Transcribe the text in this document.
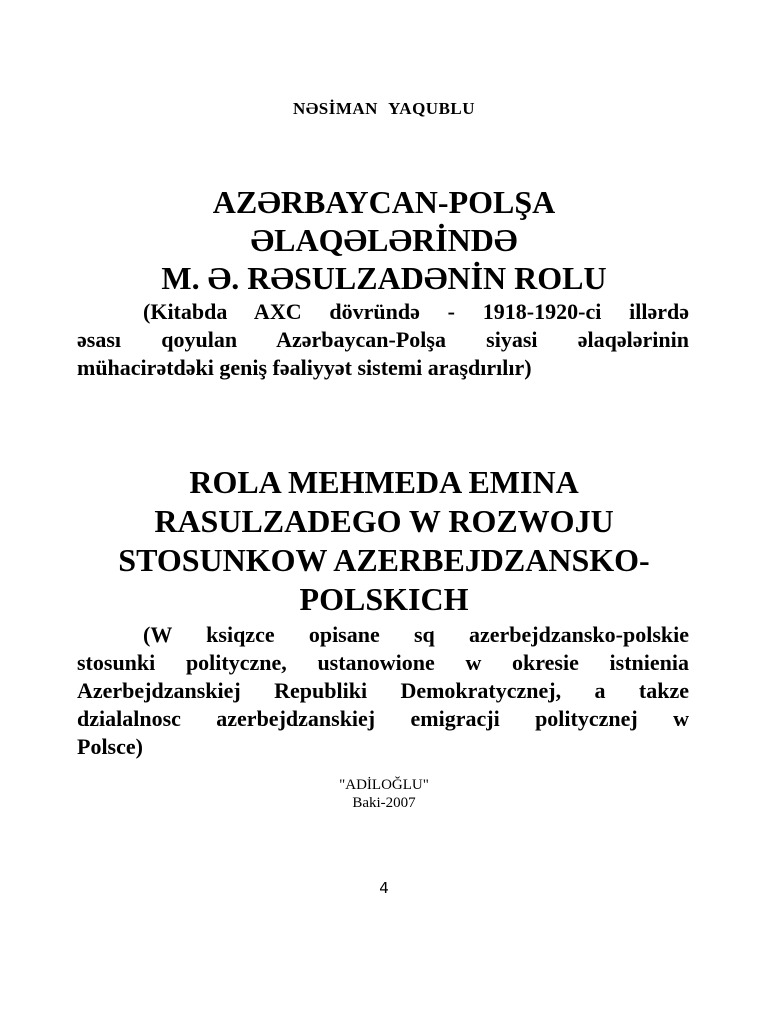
NƏSİMAN YAQUBLU
AZƏRBAYCAN-POLŞA
ƏLAQƏLƏRİNDƏ
M. Ə. RƏSULZADƏNİN ROLU
(Kitabda AXC dövründə - 1918-1920-ci illərdə
əsası qoyulan Azərbaycan-Polşa siyasi əlaqələrinin
mühacirətdəki geniş fəaliyyət sistemi araşdırılır)
ROLA MEHMEDA EMINA
RASULZADEGO W ROZWOJU
STOSUNKOW AZERBEJDZANSKO-
POLSKICH
(W ksiqzce opisane sq azerbejdzansko-polskie
stosunki polityczne, ustanowione w okresie istnienia
Azerbejdzanskiej Republiki Demokratycznej, a takze
dzialalnosc azerbejdzanskiej emigracji politycznej w
Polsce)
"ADİLOĞLU"
Baki-2007
4
